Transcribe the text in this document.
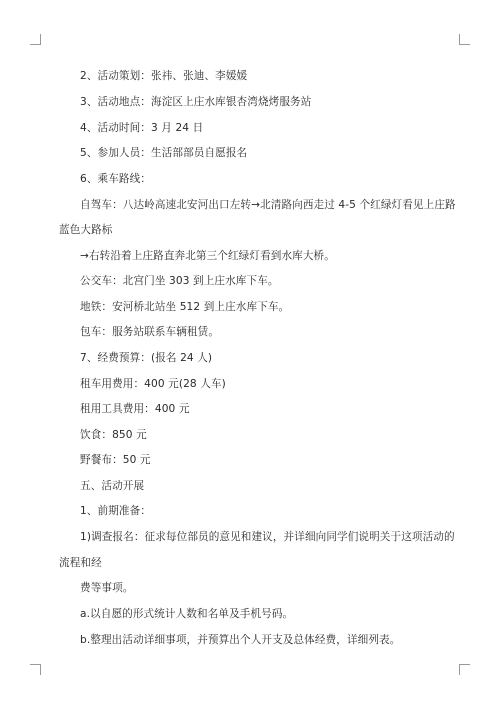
2、活动策划：张祎、张迪、李媛媛
3、活动地点：海淀区上庄水库银杏湾烧烤服务站
4、活动时间：3 月 24 日
5、参加人员：生活部部员自愿报名
6、乘车路线：
自驾车：八达岭高速北安河出口左转→北清路向西走过 4-5 个红绿灯看见上庄路
蓝色大路标
→右转沿着上庄路直奔北第三个红绿灯看到水库大桥。
公交车：北宫门坐 303 到上庄水库下车。
地铁：安河桥北站坐 512 到上庄水库下车。
包车：服务站联系车辆租赁。
7、经费预算：(报名 24 人)
租车用费用：400 元(28 人车)
租用工具费用：400 元
饮食：850 元
野餐布：50 元
五、活动开展
1、前期准备：
1)调查报名：征求每位部员的意见和建议，并详细向同学们说明关于这项活动的
流程和经
费等事项。
a.以自愿的形式统计人数和名单及手机号码。
b.整理出活动详细事项，并预算出个人开支及总体经费，详细列表。
